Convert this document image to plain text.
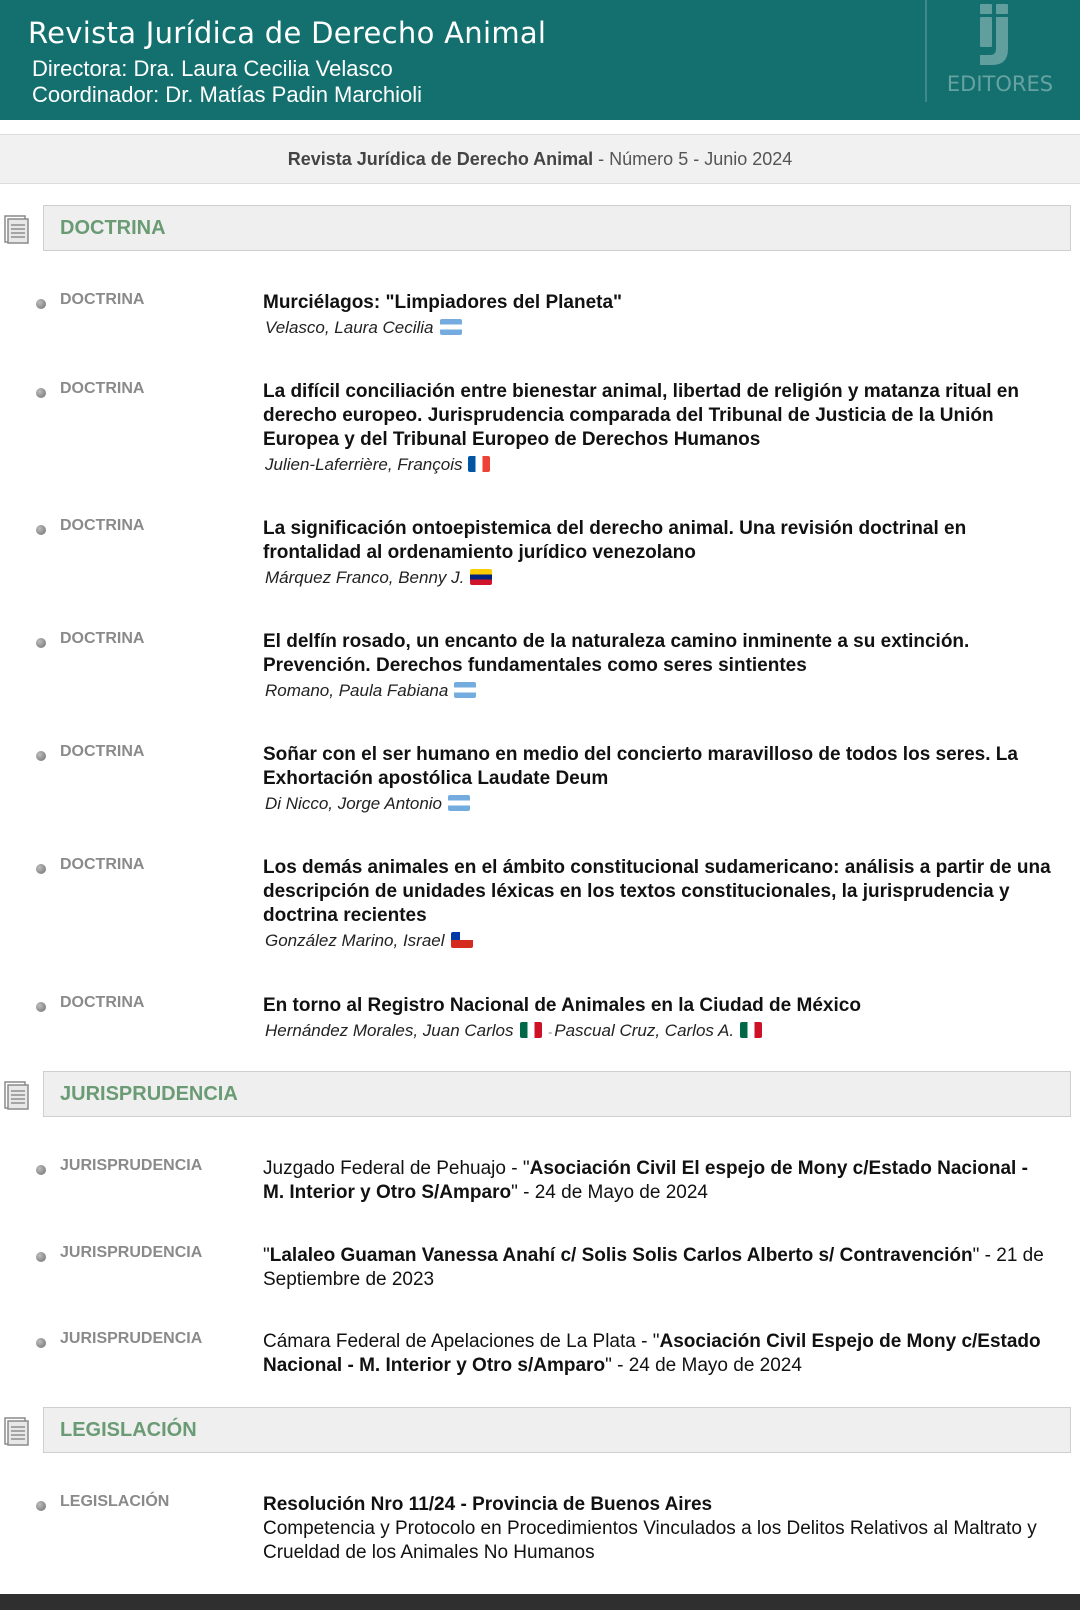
Revista Jurídica de Derecho Animal
Directora: Dra. Laura Cecilia Velasco
Coordinador: Dr. Matías Padin Marchioli	EDITORES
Revista Jurídica de Derecho Animal - Número 5 - Junio 2024
DOCTRINA
DOCTRINA	Murciélagos: "Limpiadores del Planeta"
Velasco, Laura Cecilia
DOCTRINA	La difícil conciliación entre bienestar animal, libertad de religión y matanza ritual en derecho europeo. Jurisprudencia comparada del Tribunal de Justicia de la Unión Europea y del Tribunal Europeo de Derechos Humanos
Julien-Laferrière, François
DOCTRINA	La significación ontoepistemica del derecho animal. Una revisión doctrinal en frontalidad al ordenamiento jurídico venezolano
Márquez Franco, Benny J.
DOCTRINA	El delfín rosado, un encanto de la naturaleza camino inminente a su extinción. Prevención. Derechos fundamentales como seres sintientes
Romano, Paula Fabiana
DOCTRINA	Soñar con el ser humano en medio del concierto maravilloso de todos los seres. La Exhortación apostólica Laudate Deum
Di Nicco, Jorge Antonio
DOCTRINA	Los demás animales en el ámbito constitucional sudamericano: análisis a partir de una descripción de unidades léxicas en los textos constitucionales, la jurisprudencia y doctrina recientes
González Marino, Israel
DOCTRINA	En torno al Registro Nacional de Animales en la Ciudad de México
Hernández Morales, Juan Carlos	- Pascual Cruz, Carlos A.
JURISPRUDENCIA
JURISPRUDENCIA	Juzgado Federal de Pehuajo - "Asociación Civil El espejo de Mony c/Estado Nacional - M. Interior y Otro S/Amparo" - 24 de Mayo de 2024
JURISPRUDENCIA	"Lalaleo Guaman Vanessa Anahí c/ Solis Solis Carlos Alberto s/ Contravención" - 21 de Septiembre de 2023
JURISPRUDENCIA	Cámara Federal de Apelaciones de La Plata - "Asociación Civil Espejo de Mony c/Estado Nacional - M. Interior y Otro s/Amparo" - 24 de Mayo de 2024
LEGISLACIÓN
LEGISLACIÓN	Resolución Nro 11/24 - Provincia de Buenos Aires
Competencia y Protocolo en Procedimientos Vinculados a los Delitos Relativos al Maltrato y Crueldad de los Animales No Humanos
